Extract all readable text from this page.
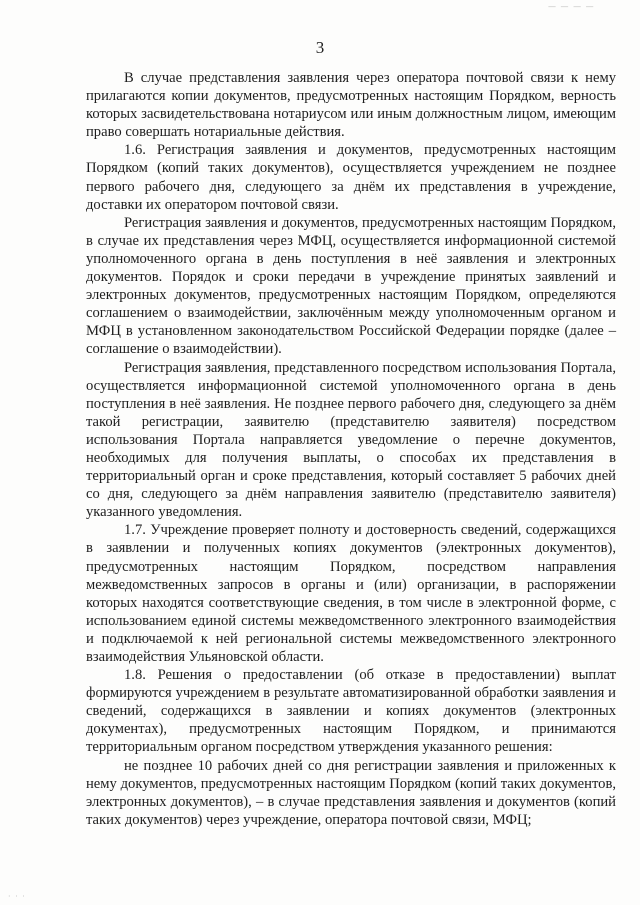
3

В случае представления заявления через оператора почтовой связи к нему прилагаются копии документов, предусмотренных настоящим Порядком, верность которых засвидетельствована нотариусом или иным должностным лицом, имеющим право совершать нотариальные действия.

1.6. Регистрация заявления и документов, предусмотренных настоящим Порядком (копий таких документов), осуществляется учреждением не позднее первого рабочего дня, следующего за днём их представления в учреждение, доставки их оператором почтовой связи.

Регистрация заявления и документов, предусмотренных настоящим Порядком, в случае их представления через МФЦ, осуществляется информационной системой уполномоченного органа в день поступления в неё заявления и электронных документов. Порядок и сроки передачи в учреждение принятых заявлений и электронных документов, предусмотренных настоящим Порядком, определяются соглашением о взаимодействии, заключённым между уполномоченным органом и МФЦ в установленном законодательством Российской Федерации порядке (далее – соглашение о взаимодействии).

Регистрация заявления, представленного посредством использования Портала, осуществляется информационной системой уполномоченного органа в день поступления в неё заявления. Не позднее первого рабочего дня, следующего за днём такой регистрации, заявителю (представителю заявителя) посредством использования Портала направляется уведомление о перечне документов, необходимых для получения выплаты, о способах их представления в территориальный орган и сроке представления, который составляет 5 рабочих дней со дня, следующего за днём направления заявителю (представителю заявителя) указанного уведомления.

1.7. Учреждение проверяет полноту и достоверность сведений, содержащихся в заявлении и полученных копиях документов (электронных документов), предусмотренных настоящим Порядком, посредством направления межведомственных запросов в органы и (или) организации, в распоряжении которых находятся соответствующие сведения, в том числе в электронной форме, с использованием единой системы межведомственного электронного взаимодействия и подключаемой к ней региональной системы межведомственного электронного взаимодействия Ульяновской области.

1.8. Решения о предоставлении (об отказе в предоставлении) выплат формируются учреждением в результате автоматизированной обработки заявления и сведений, содержащихся в заявлении и копиях документов (электронных документах), предусмотренных настоящим Порядком, и принимаются территориальным органом посредством утверждения указанного решения:

не позднее 10 рабочих дней со дня регистрации заявления и приложенных к нему документов, предусмотренных настоящим Порядком (копий таких документов, электронных документов), – в случае представления заявления и документов (копий таких документов) через учреждение, оператора почтовой связи, МФЦ;

— — — —
· · ·
